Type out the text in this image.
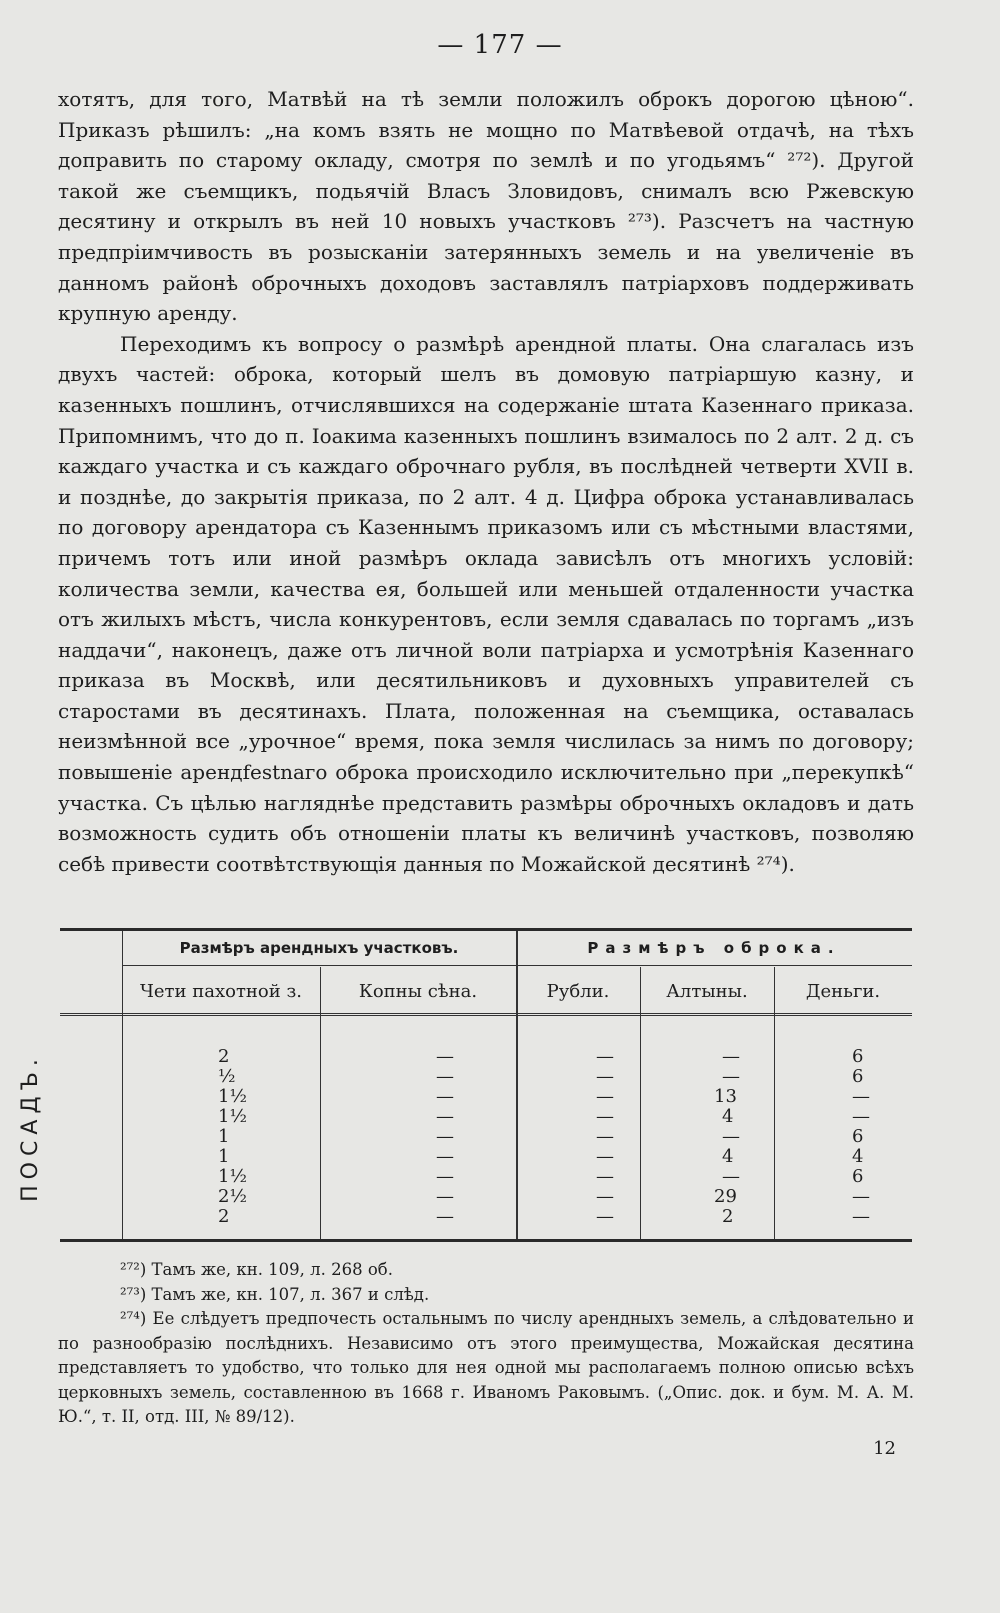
— 177 —

хотятъ, для того, Матвѣй на тѣ земли положилъ оброкъ дорогою цѣною“. Приказъ рѣшилъ: „на комъ взять не мощно по Матвѣевой отдачѣ, на тѣхъ доправить по старому окладу, смотря по землѣ и по угодьямъ“ ²⁷²). Другой такой же съемщикъ, подьячій Власъ Зловидовъ, снималъ всю Ржевскую десятину и открылъ въ ней 10 новыхъ участковъ ²⁷³). Разсчетъ на частную предпріимчивость въ розысканіи затерянныхъ земель и на увеличеніе въ данномъ районѣ оброчныхъ доходовъ заставлялъ патріарховъ поддерживать крупную аренду.

Переходимъ къ вопросу о размѣрѣ арендной платы. Она слагалась изъ двухъ частей: оброка, который шелъ въ домовую патріаршую казну, и казенныхъ пошлинъ, отчислявшихся на содержаніе штата Казеннаго приказа. Припомнимъ, что до п. Іоакима казенныхъ пошлинъ взималось по 2 алт. 2 д. съ каждаго участка и съ каждаго оброчнаго рубля, въ послѣдней четверти XVII в. и позднѣе, до закрытія приказа, по 2 алт. 4 д. Цифра оброка устанавливалась по договору арендатора съ Казеннымъ приказомъ или съ мѣстными властями, причемъ тотъ или иной размѣръ оклада зависѣлъ отъ многихъ условій: количества земли, качества ея, большей или меньшей отдаленности участка отъ жилыхъ мѣстъ, числа конкурентовъ, если земля сдавалась по торгамъ „изъ наддачи“, наконецъ, даже отъ личной воли патріарха и усмотрѣнія Казеннаго приказа въ Москвѣ, или десятильниковъ и духовныхъ управителей съ старостами въ десятинахъ. Плата, положенная на съемщика, оставалась неизмѣнной все „урочное“ время, пока земля числилась за нимъ по договору; повышеніе арендfestnaго оброка происходило исключительно при „перекупкѣ“ участка. Съ цѣлью нагляднѣе представить размѣры оброчныхъ окладовъ и дать возможность судить объ отношеніи платы къ величинѣ участковъ, позволяю себѣ привести соотвѣтствующія данныя по Можайской десятинѣ ²⁷⁴).

Размѣръ арендныхъ участковъ.	Размѣръ оброка.
Чети пахотной з.	Копны сѣна.	Рубли.	Алтыны.	Деньги.
ПОСАДЪ.	2	—	—	—	6
½	—	—	—	6
1½	—	—	13	—
1½	—	—	4	—
1	—	—	—	6
1	—	—	4	4
1½	—	—	—	6
2½	—	—	29	—
2	—	—	2	—

²⁷²) Тамъ же, кн. 109, л. 268 об.

²⁷³) Тамъ же, кн. 107, л. 367 и слѣд.

²⁷⁴) Ее слѣдуетъ предпочесть остальнымъ по числу арендныхъ земель, а слѣдовательно и по разнообразію послѣднихъ. Независимо отъ этого преимущества, Можайская десятина представляетъ то удобство, что только для нея одной мы располагаемъ полною описью всѣхъ церковныхъ земель, составленною въ 1668 г. Иваномъ Раковымъ. („Опис. док. и бум. М. А. М. Ю.“, т. II, отд. III, № 89/12).

12
